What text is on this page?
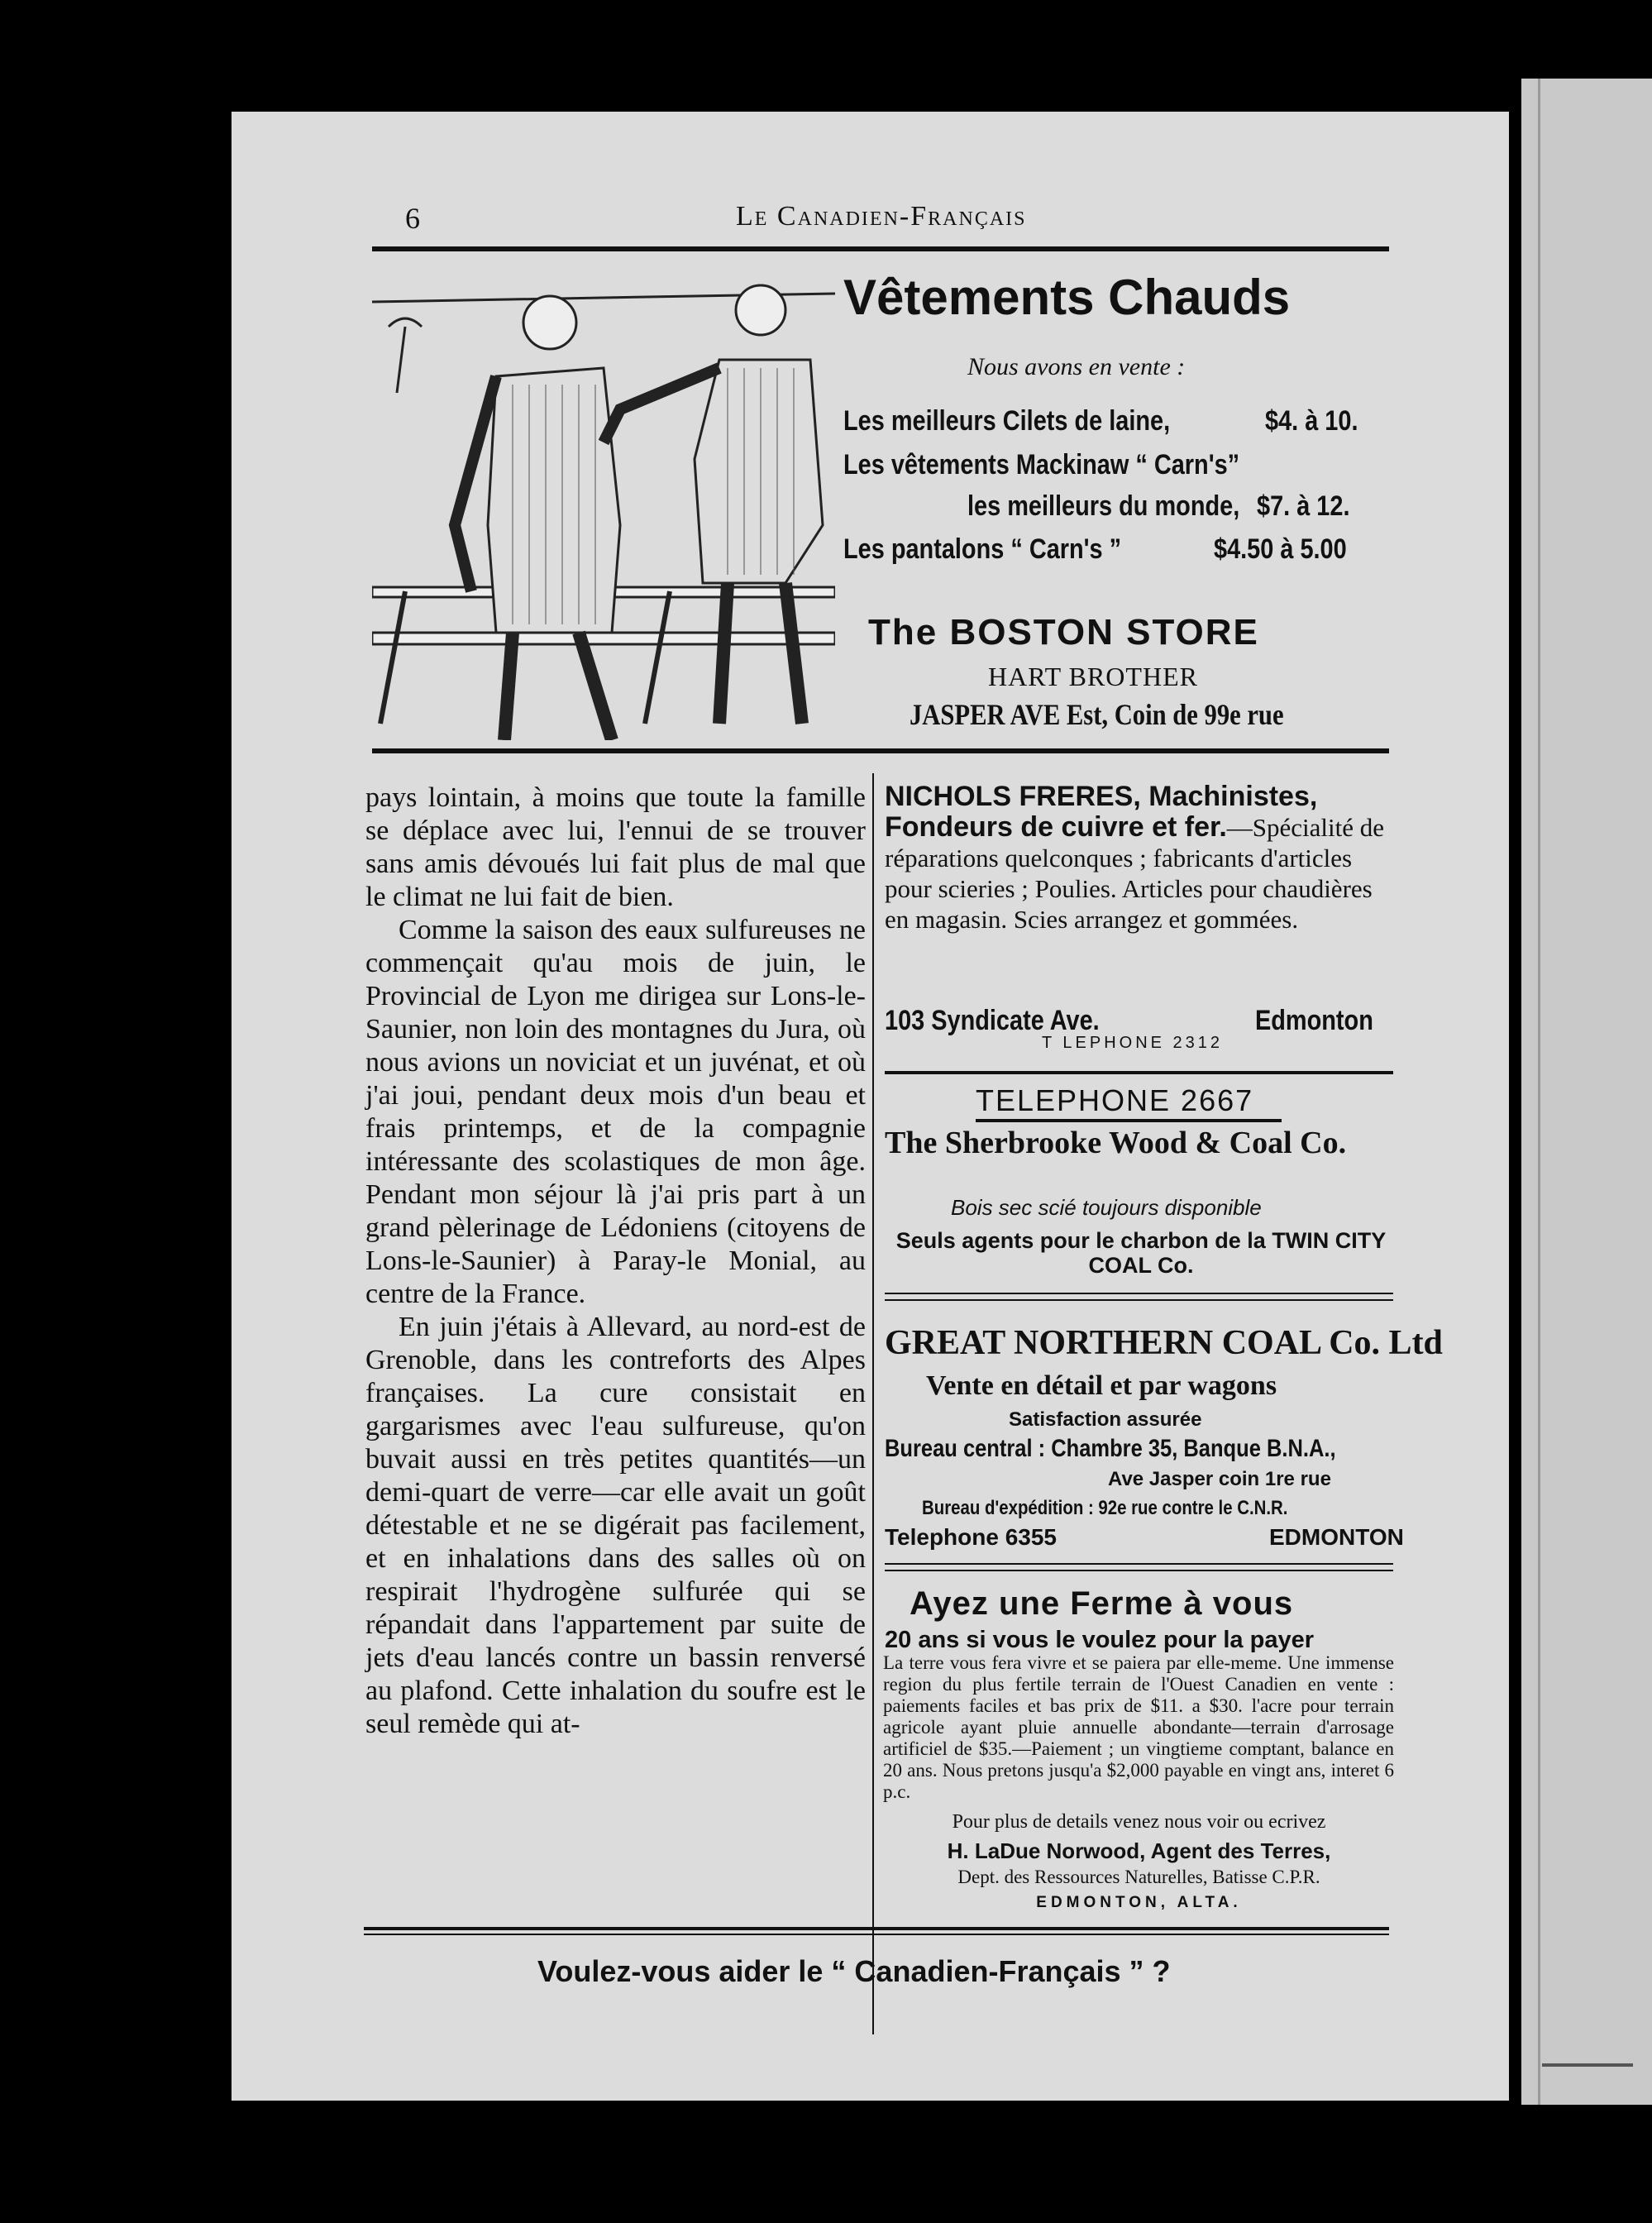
6	Le Canadien-Français
Vêtements Chauds
Nous avons en vente :
Les meilleurs Cilets de laine,	$4. à 10.
Les vêtements Mackinaw “ Carn's”
les meilleurs du monde, $7. à 12.
Les pantalons “ Carn's ”	$4.50 à 5.00
The BOSTON STORE
HART BROTHER
JASPER AVE Est, Coin de 99e rue

pays lointain, à moins que toute la famille se déplace avec lui, l'ennui de se trouver sans amis dévoués lui fait plus de mal que le climat ne lui fait de bien.

Comme la saison des eaux sulfureuses ne commençait qu'au mois de juin, le Provincial de Lyon me dirigea sur Lons-le-Saunier, non loin des montagnes du Jura, où nous avions un noviciat et un juvénat, et où j'ai joui, pendant deux mois d'un beau et frais printemps, et de la compagnie intéressante des scolastiques de mon âge. Pendant mon séjour là j'ai pris part à un grand pèlerinage de Lédoniens (citoyens de Lons-le-Saunier) à Paray-le Monial, au centre de la France.

En juin j'étais à Allevard, au nord-est de Grenoble, dans les contreforts des Alpes françaises. La cure consistait en gargarismes avec l'eau sulfureuse, qu'on buvait aussi en très petites quantités—un demi-quart de verre—car elle avait un goût détestable et ne se digérait pas facilement, et en inhalations dans des salles où on respirait l'hydrogène sulfurée qui se répandait dans l'appartement par suite de jets d'eau lancés contre un bassin renversé au plafond. Cette inhalation du soufre est le seul remède qui at-

NICHOLS FRERES, Machinistes, Fondeurs de cuivre et fer.—Spécialité de réparations quelconques ; fabricants d'articles pour scieries ; Poulies. Articles pour chaudières en magasin. Scies arrangez et gommées.
103 Syndicate Ave.	Edmonton
T LEPHONE 2312
TELEPHONE 2667
The Sherbrooke Wood & Coal Co.
Bois sec scié toujours disponible
Seuls agents pour le charbon de la TWIN CITY COAL Co.
GREAT NORTHERN COAL Co. Ltd
Vente en détail et par wagons
Satisfaction assurée
Bureau central : Chambre 35, Banque B.N.A.,
Ave Jasper coin 1re rue
Bureau d'expédition : 92e rue contre le C.N.R.
Telephone 6355	EDMONTON
Ayez une Ferme à vous
20 ans si vous le voulez pour la payer
La terre vous fera vivre et se paiera par elle-meme. Une immense region du plus fertile terrain de l'Ouest Canadien en vente : paiements faciles et bas prix de $11. a $30. l'acre pour terrain agricole ayant pluie annuelle abondante—terrain d'arrosage artificiel de $35.—Paiement ; un vingtieme comptant, balance en 20 ans. Nous pretons jusqu'a $2,000 payable en vingt ans, interet 6 p.c.
Pour plus de details venez nous voir ou ecrivez
H. LaDue Norwood, Agent des Terres,
Dept. des Ressources Naturelles, Batisse C.P.R.
EDMONTON, ALTA.
Voulez-vous aider le “ Canadien-Français ” ?
